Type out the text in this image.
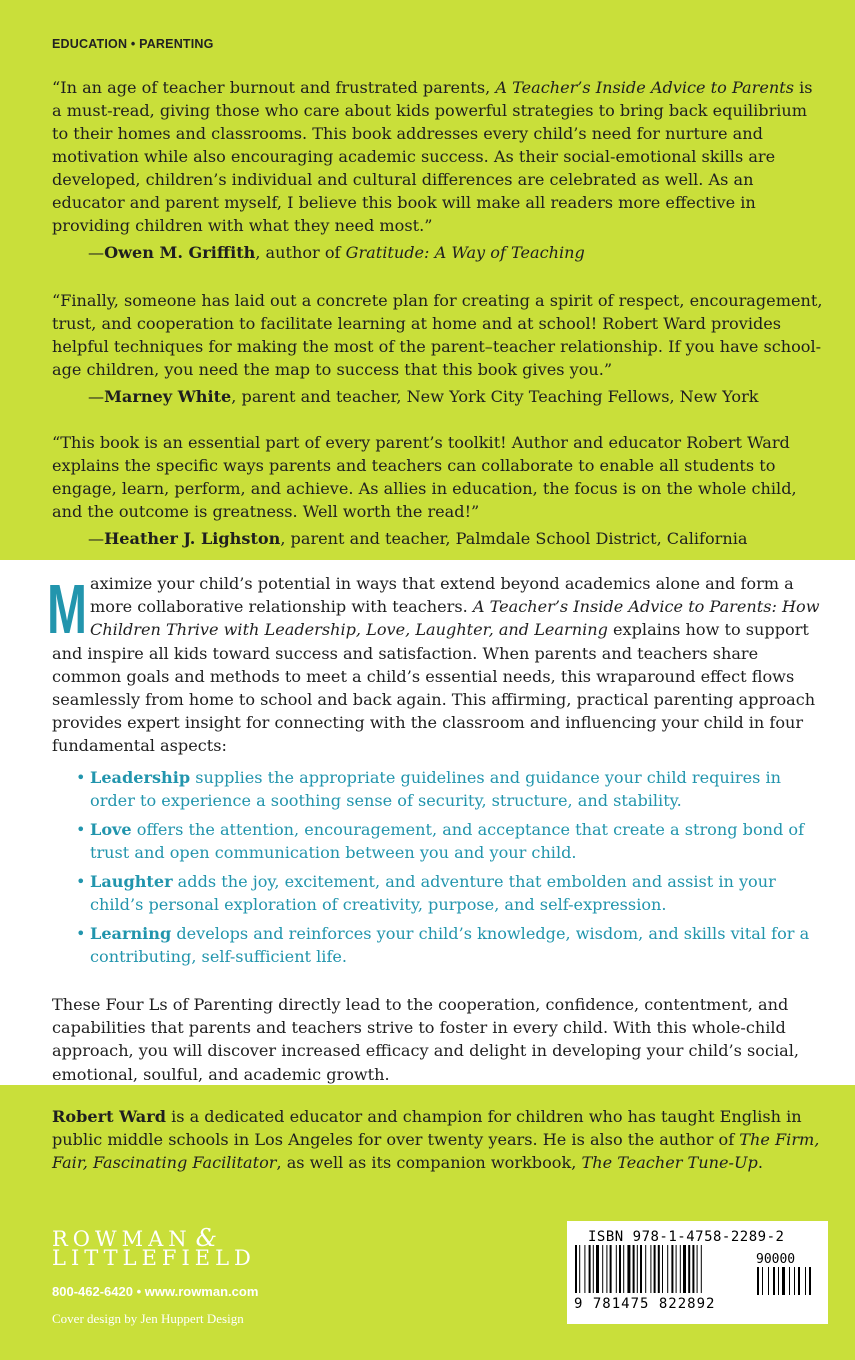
EDUCATION • PARENTING

“In an age of teacher burnout and frustrated parents, A Teacher’s Inside Advice to Parents is a must-read, giving those who care about kids powerful strategies to bring back equilibrium to their homes and classrooms. This book addresses every child’s need for nurture and motivation while also encouraging academic success. As their social-emotional skills are developed, children’s individual and cultural differences are celebrated as well. As an educator and parent myself, I believe this book will make all readers more effective in providing children with what they need most.”

—Owen M. Griffith, author of Gratitude: A Way of Teaching

“Finally, someone has laid out a concrete plan for creating a spirit of respect, encouragement, trust, and cooperation to facilitate learning at home and at school! Robert Ward provides helpful techniques for making the most of the parent–teacher relationship. If you have school-age children, you need the map to success that this book gives you.”

—Marney White, parent and teacher, New York City Teaching Fellows, New York

“This book is an essential part of every parent’s toolkit! Author and educator Robert Ward explains the specific ways parents and teachers can collaborate to enable all students to engage, learn, perform, and achieve. As allies in education, the focus is on the whole child, and the outcome is greatness. Well worth the read!”

—Heather J. Lighston, parent and teacher, Palmdale School District, California

M aximize your child’s potential in ways that extend beyond academics alone and form a more collaborative relationship with teachers. A Teacher’s Inside Advice to Parents: How Children Thrive with Leadership, Love, Laughter, and Learning explains how to support and inspire all kids toward success and satisfaction. When parents and teachers share common goals and methods to meet a child’s essential needs, this wraparound effect flows seamlessly from home to school and back again. This affirming, practical parenting approach provides expert insight for connecting with the classroom and influencing your child in four fundamental aspects:

• Leadership supplies the appropriate guidelines and guidance your child requires in order to experience a soothing sense of security, structure, and stability.
• Love offers the attention, encouragement, and acceptance that create a strong bond of trust and open communication between you and your child.
• Laughter adds the joy, excitement, and adventure that embolden and assist in your child’s personal exploration of creativity, purpose, and self-expression.
• Learning develops and reinforces your child’s knowledge, wisdom, and skills vital for a contributing, self-sufficient life.
These Four Ls of Parenting directly lead to the cooperation, confidence, contentment, and capabilities that parents and teachers strive to foster in every child. With this whole-child approach, you will discover increased efficacy and delight in developing your child’s social, emotional, soulful, and academic growth.
Robert Ward is a dedicated educator and champion for children who has taught English in public middle schools in Los Angeles for over twenty years. He is also the author of The Firm, Fair, Fascinating Facilitator, as well as its companion workbook, The Teacher Tune-Up.
ROWMAN &
LITTLEFIELD
800-462-6420 • www.rowman.com
Cover design by Jen Huppert Design
ISBN 978-1-4758-2289-2
90000
9 781475 822892
